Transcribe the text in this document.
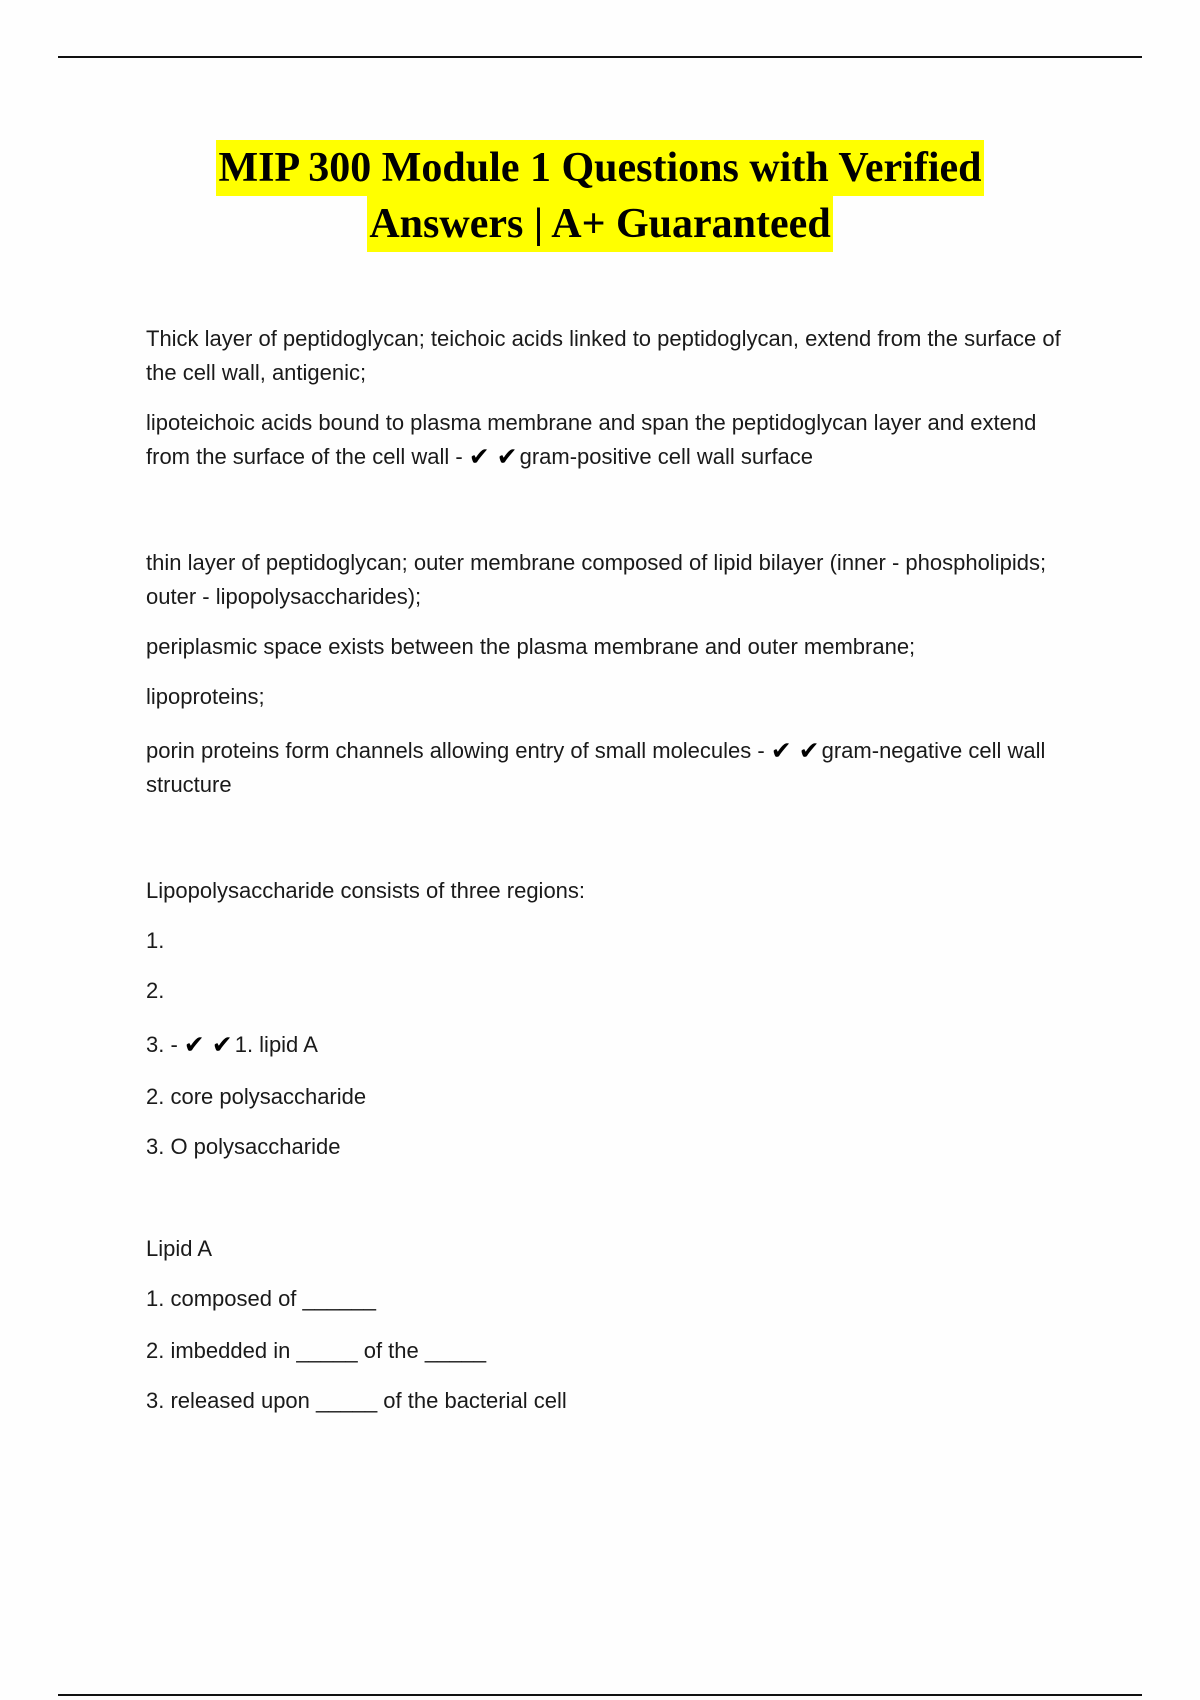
MIP 300 Module 1 Questions with Verified
Answers | A+ Guaranteed

Thick layer of peptidoglycan; teichoic acids linked to peptidoglycan, extend from the surface of the cell wall, antigenic;

lipoteichoic acids bound to plasma membrane and span the peptidoglycan layer and extend from the surface of the cell wall - ✔ ✔gram-positive cell wall surface

thin layer of peptidoglycan; outer membrane composed of lipid bilayer (inner - phospholipids; outer - lipopolysaccharides);

periplasmic space exists between the plasma membrane and outer membrane;

lipoproteins;

porin proteins form channels allowing entry of small molecules - ✔ ✔gram-negative cell wall structure

Lipopolysaccharide consists of three regions:

1.

2.

3. - ✔ ✔1. lipid A

2. core polysaccharide

3. O polysaccharide

Lipid A

1. composed of ______

2. imbedded in _____ of the _____

3. released upon _____ of the bacterial cell
